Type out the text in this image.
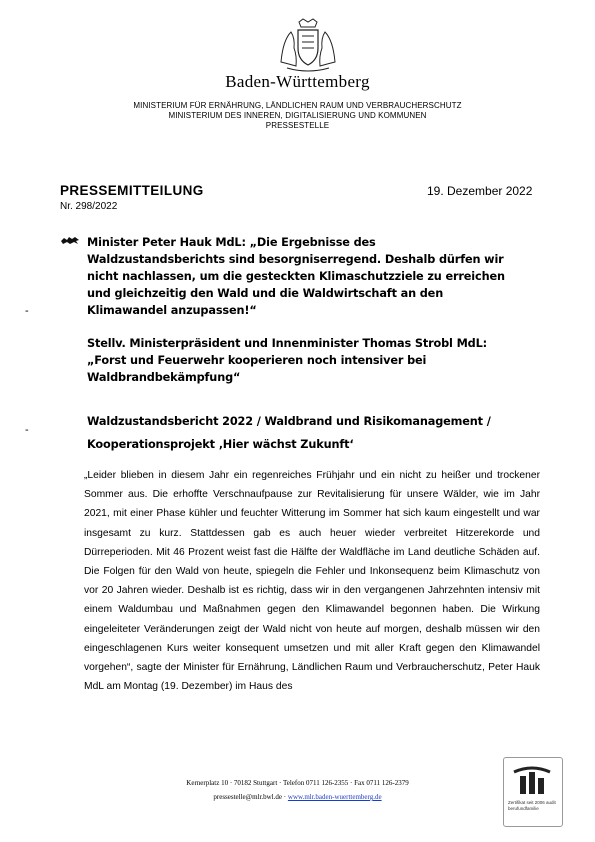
Baden-Württemberg
MINISTERIUM FÜR ERNÄHRUNG, LÄNDLICHEN RAUM UND VERBRAUCHERSCHUTZ
MINISTERIUM DES INNEREN, DIGITALISIERUNG UND KOMMUNEN
PRESSESTELLE
PRESSEMITTEILUNG	19. Dezember 2022
Nr. 298/2022
Minister Peter Hauk MdL: „Die Ergebnisse des
Waldzustandsberichts sind besorgniserregend. Deshalb dürfen wir
nicht nachlassen, um die gesteckten Klimaschutzziele zu erreichen
und gleichzeitig den Wald und die Waldwirtschaft an den
Klimawandel anzupassen!“
Stellv. Ministerpräsident und Innenminister Thomas Strobl MdL:
„Forst und Feuerwehr kooperieren noch intensiver bei
Waldbrandbekämpfung“
Waldzustandsbericht 2022 / Waldbrand und Risikomanagement /
Kooperationsprojekt ‚Hier wächst Zukunft‘
-
-
„Leider blieben in diesem Jahr ein regenreiches Frühjahr und ein nicht zu heißer und trockener Sommer aus. Die erhoffte Verschnaufpause zur Revitalisierung für unsere Wälder, wie im Jahr 2021, mit einer Phase kühler und feuchter Witterung im Sommer hat sich kaum eingestellt und war insgesamt zu kurz. Stattdessen gab es auch heuer wieder verbreitet Hitzerekorde und Dürreperioden. Mit 46 Prozent weist fast die Hälfte der Waldfläche im Land deutliche Schäden auf. Die Folgen für den Wald von heute, spiegeln die Fehler und Inkonsequenz beim Klimaschutz von vor 20 Jahren wieder. Deshalb ist es richtig, dass wir in den vergangenen Jahrzehnten intensiv mit einem Waldumbau und Maßnahmen gegen den Klimawandel begonnen haben. Die Wirkung eingeleiteter Veränderungen zeigt der Wald nicht von heute auf morgen, deshalb müssen wir den eingeschlagenen Kurs weiter konsequent umsetzen und mit aller Kraft gegen den Klimawandel vorgehen“, sagte der Minister für Ernährung, Ländlichen Raum und Verbraucherschutz, Peter Hauk MdL am Montag (19. Dezember) im Haus des
Kernerplatz 10 · 70182 Stuttgart · Telefon 0711 126-2355 · Fax 0711 126-2379
pressestelle@mlr.bwl.de · www.mlr.baden-wuerttemberg.de
Zertifikat seit 2006 audit berufundfamilie
